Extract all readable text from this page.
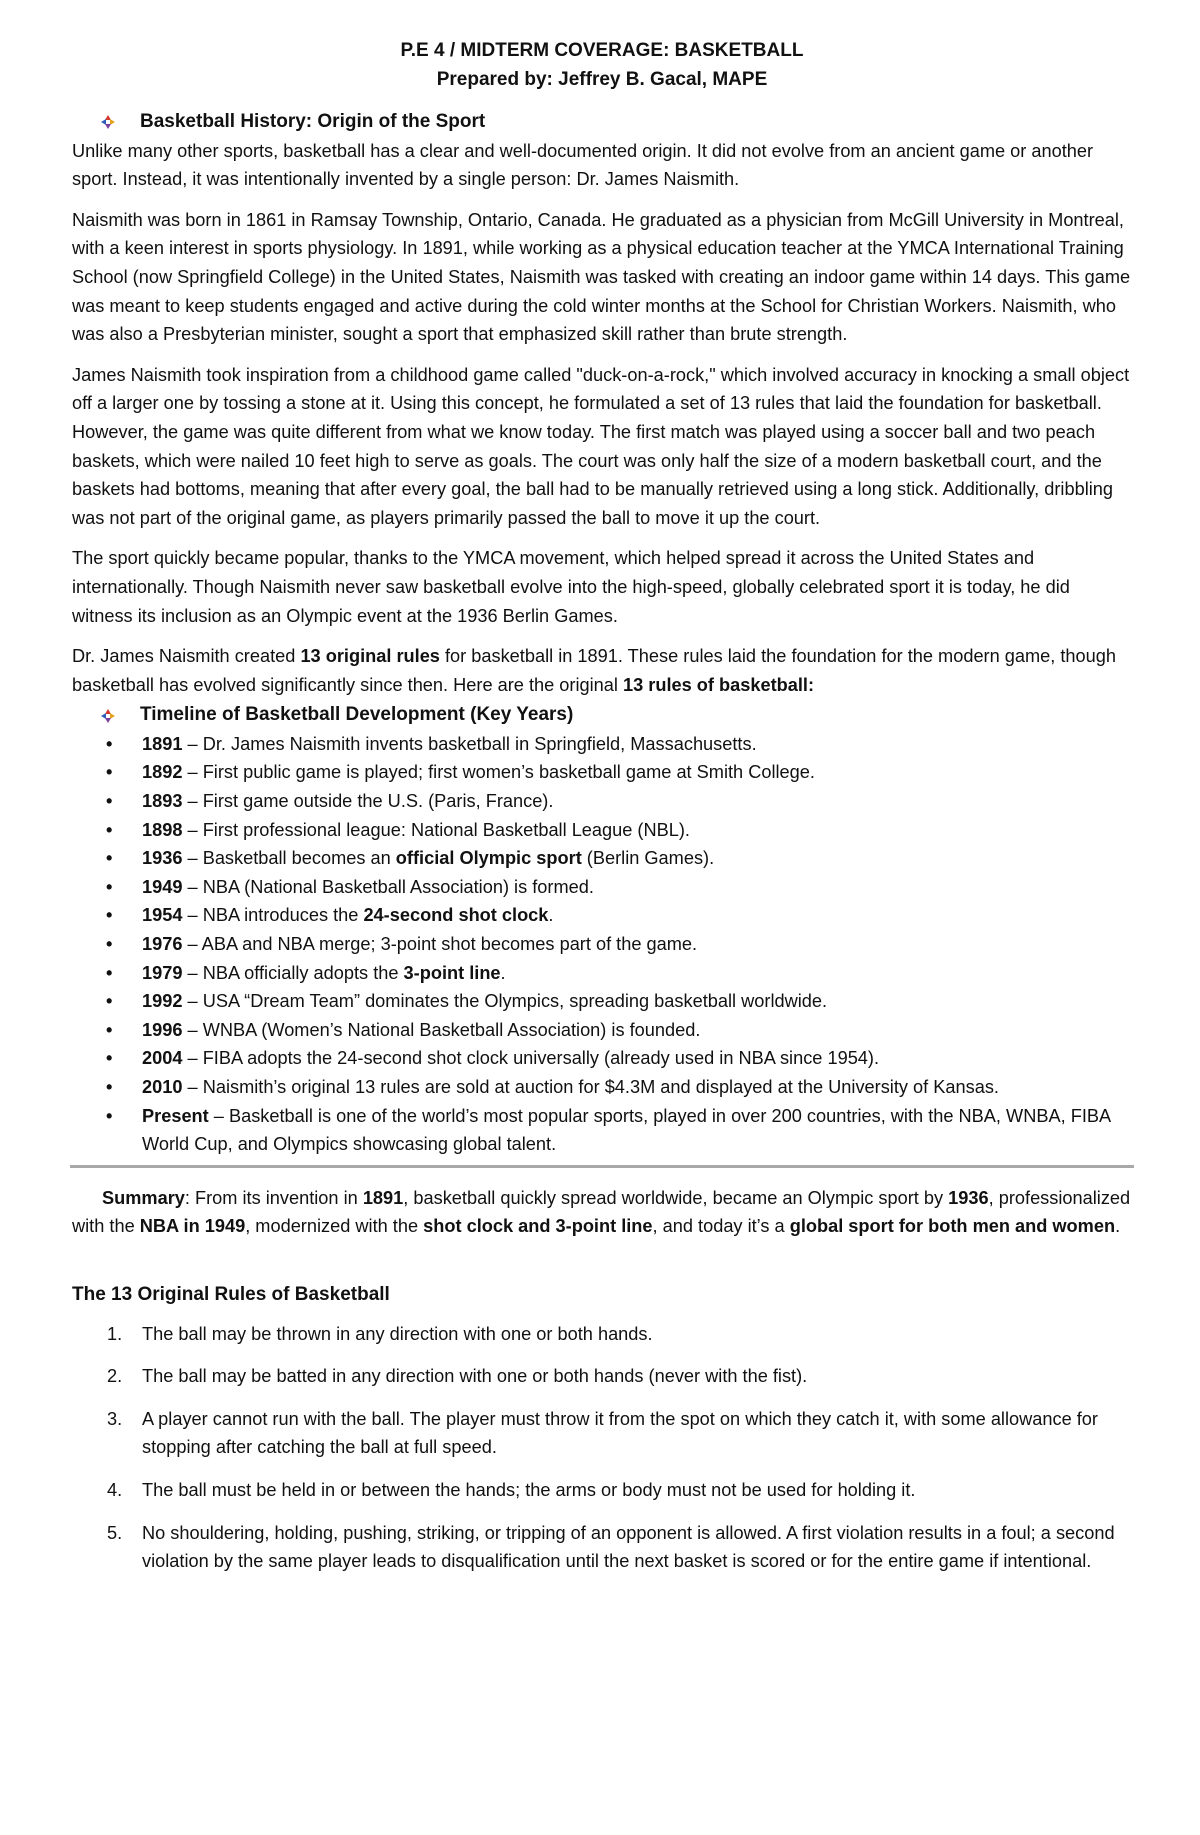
P.E 4 / MIDTERM COVERAGE: BASKETBALL
Prepared by: Jeffrey B. Gacal, MAPE
Basketball History: Origin of the Sport

Unlike many other sports, basketball has a clear and well-documented origin. It did not evolve from an ancient game or another sport. Instead, it was intentionally invented by a single person: Dr. James Naismith.

Naismith was born in 1861 in Ramsay Township, Ontario, Canada. He graduated as a physician from McGill University in Montreal, with a keen interest in sports physiology. In 1891, while working as a physical education teacher at the YMCA International Training School (now Springfield College) in the United States, Naismith was tasked with creating an indoor game within 14 days. This game was meant to keep students engaged and active during the cold winter months at the School for Christian Workers. Naismith, who was also a Presbyterian minister, sought a sport that emphasized skill rather than brute strength.

James Naismith took inspiration from a childhood game called "duck-on-a-rock," which involved accuracy in knocking a small object off a larger one by tossing a stone at it. Using this concept, he formulated a set of 13 rules that laid the foundation for basketball. However, the game was quite different from what we know today. The first match was played using a soccer ball and two peach baskets, which were nailed 10 feet high to serve as goals. The court was only half the size of a modern basketball court, and the baskets had bottoms, meaning that after every goal, the ball had to be manually retrieved using a long stick. Additionally, dribbling was not part of the original game, as players primarily passed the ball to move it up the court.

The sport quickly became popular, thanks to the YMCA movement, which helped spread it across the United States and internationally. Though Naismith never saw basketball evolve into the high-speed, globally celebrated sport it is today, he did witness its inclusion as an Olympic event at the 1936 Berlin Games.

Dr. James Naismith created 13 original rules for basketball in 1891. These rules laid the foundation for the modern game, though basketball has evolved significantly since then. Here are the original 13 rules of basketball:

Timeline of Basketball Development (Key Years)
• 1891 – Dr. James Naismith invents basketball in Springfield, Massachusetts.
• 1892 – First public game is played; first women’s basketball game at Smith College.
• 1893 – First game outside the U.S. (Paris, France).
• 1898 – First professional league: National Basketball League (NBL).
• 1936 – Basketball becomes an official Olympic sport (Berlin Games).
• 1949 – NBA (National Basketball Association) is formed.
• 1954 – NBA introduces the 24-second shot clock.
• 1976 – ABA and NBA merge; 3-point shot becomes part of the game.
• 1979 – NBA officially adopts the 3-point line.
• 1992 – USA “Dream Team” dominates the Olympics, spreading basketball worldwide.
• 1996 – WNBA (Women’s National Basketball Association) is founded.
• 2004 – FIBA adopts the 24-second shot clock universally (already used in NBA since 1954).
• 2010 – Naismith’s original 13 rules are sold at auction for $4.3M and displayed at the University of Kansas.
• Present – Basketball is one of the world’s most popular sports, played in over 200 countries, with the NBA, WNBA, FIBA World Cup, and Olympics showcasing global talent.

Summary: From its invention in 1891, basketball quickly spread worldwide, became an Olympic sport by 1936, professionalized with the NBA in 1949, modernized with the shot clock and 3-point line, and today it’s a global sport for both men and women.

The 13 Original Rules of Basketball
1. The ball may be thrown in any direction with one or both hands.
2. The ball may be batted in any direction with one or both hands (never with the fist).
3. A player cannot run with the ball. The player must throw it from the spot on which they catch it, with some allowance for stopping after catching the ball at full speed.
4. The ball must be held in or between the hands; the arms or body must not be used for holding it.
5. No shouldering, holding, pushing, striking, or tripping of an opponent is allowed. A first violation results in a foul; a second violation by the same player leads to disqualification until the next basket is scored or for the entire game if intentional.
